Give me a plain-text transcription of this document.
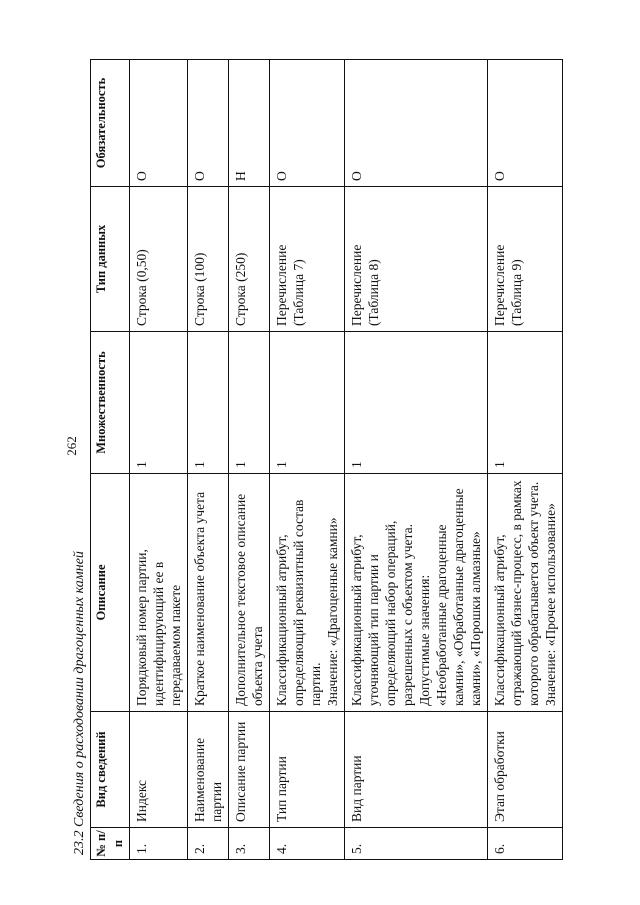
262
23.2 Сведения о расходовании драгоценных камней № п/п	Вид сведений	Описание	Множественность	Тип данных	Обязательность
1.	Индекс	Порядковый номер партии, идентифицирующий ее в передаваемом пакете	1	Строка (0,50)	О
2.	Наименование партии	Краткое наименование объекта учета	1	Строка (100)	О
3.	Описание партии	Дополнительное текстовое описание объекта учета	1	Строка (250)	Н
4.	Тип партии	Классификационный атрибут, определяющий реквизитный состав партии. Значение: «Драгоценные камни»	1	Перечисление (Таблица 7)	О
5.	Вид партии	Классификационный атрибут, уточняющий тип партии и определяющий набор операций, разрешенных с объектом учета. Допустимые значения: «Необработанные драгоценные камни», «Обработанные драгоценные камни», «Порошки алмазные»	1	Перечисление (Таблица 8)	О
6.	Этап обработки	Классификационный атрибут, отражающий бизнес-процесс, в рамках которого обрабатывается объект учета. Значение: «Прочее использование»	1	Перечисление (Таблица 9)	О
